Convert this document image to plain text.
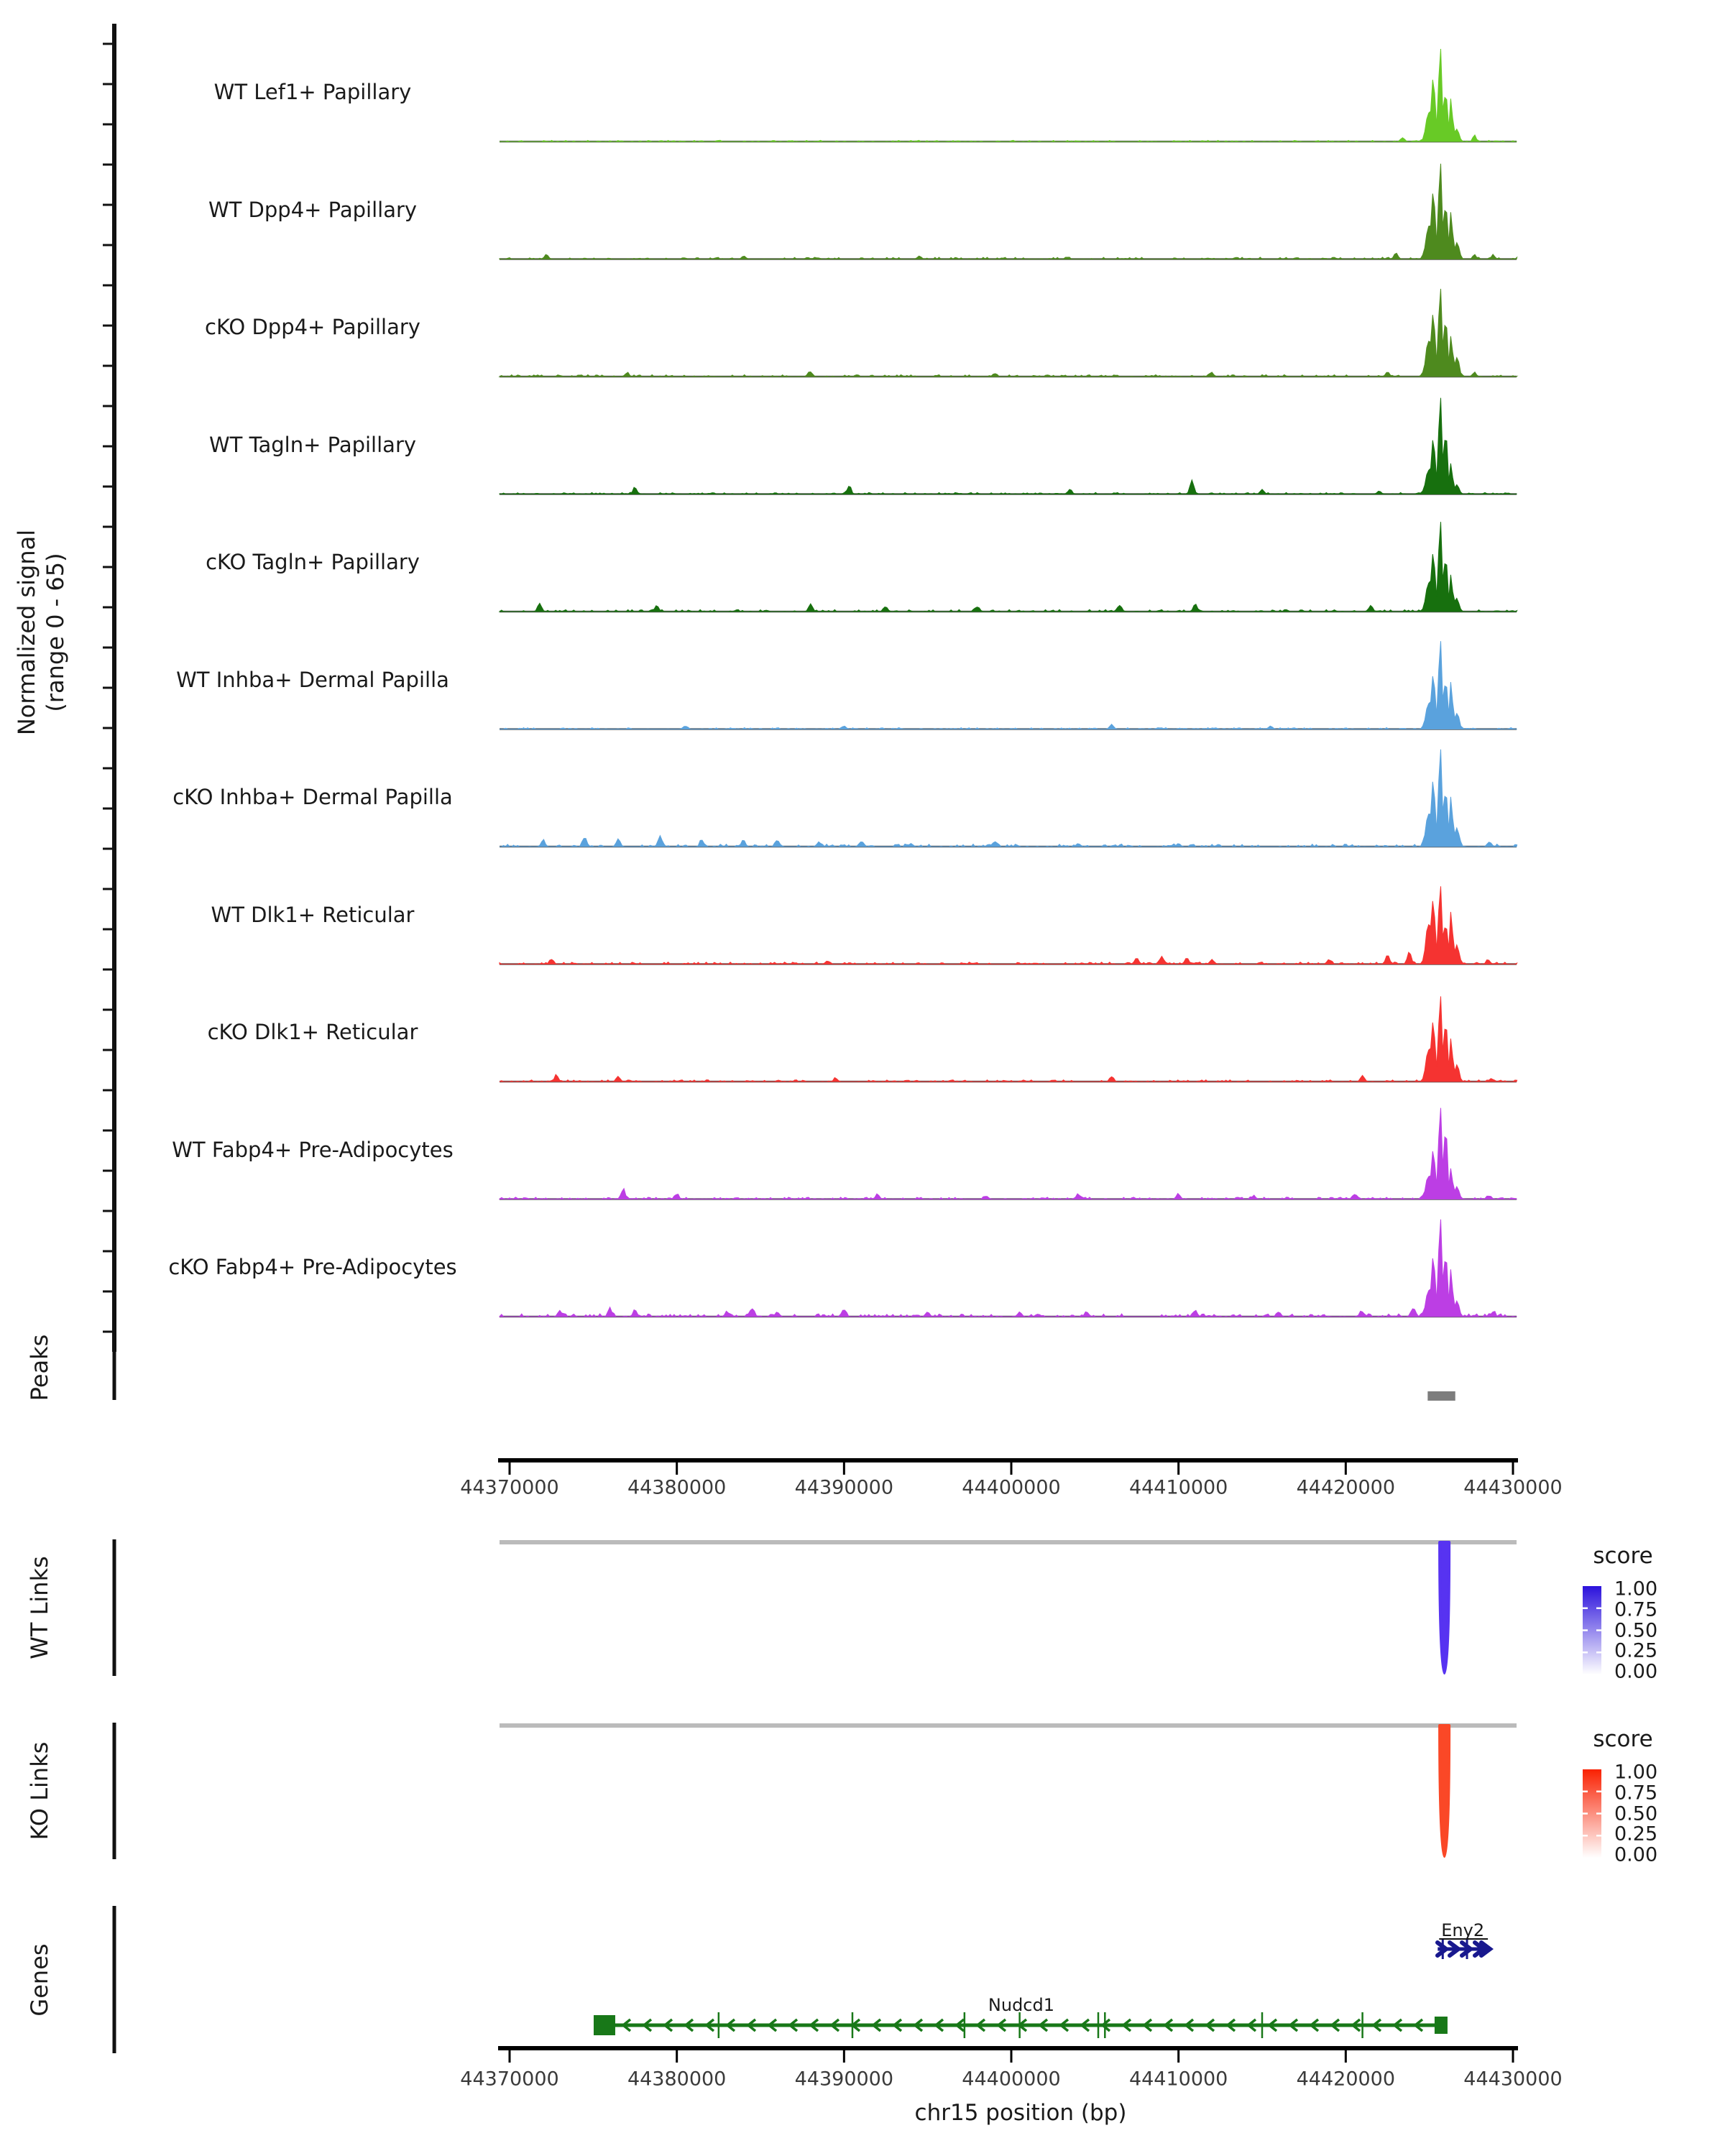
Normalized signal (range 0 - 65)
WT Lef1+ Papillary
WT Dpp4+ Papillary
cKO Dpp4+ Papillary
WT Tagln+ Papillary
cKO Tagln+ Papillary
WT Inhba+ Dermal Papilla
cKO Inhba+ Dermal Papilla
WT Dlk1+ Reticular
cKO Dlk1+ Reticular
WT Fabp4+ Pre-Adipocytes
cKO Fabp4+ Pre-Adipocytes
Peaks
WT Links
KO Links
Genes
44370000	44380000	44390000	44400000	44410000	44420000	44430000
44370000	44380000	44390000	44400000	44410000	44420000	44430000
score
1.00
0.75
0.50
0.25
0.00
score
1.00
0.75
0.50
0.25
0.00
Eny2
Nudcd1
chr15 position (bp)
